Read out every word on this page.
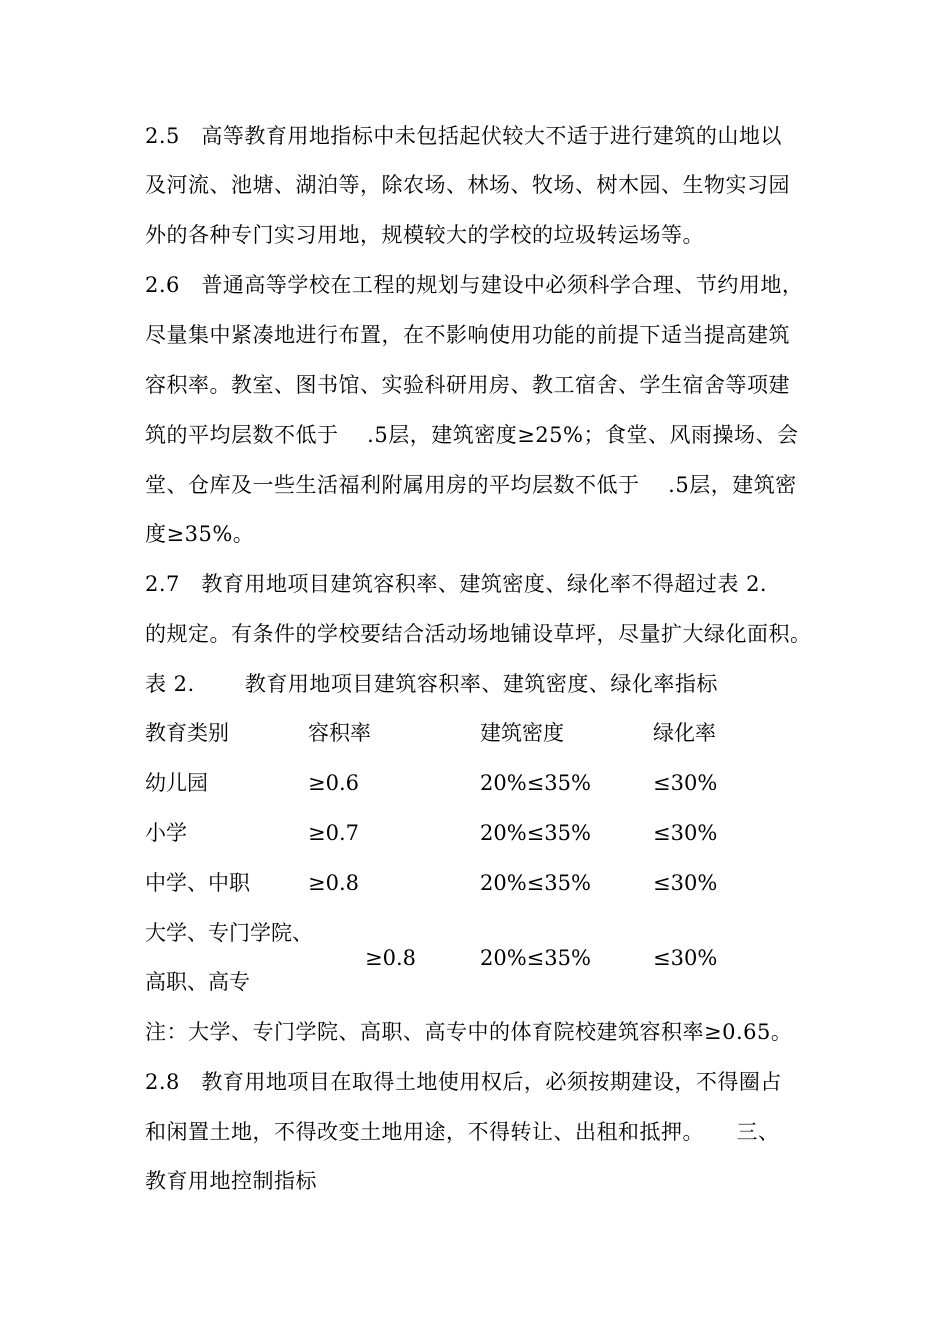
2.5　高等教育用地指标中未包括起伏较大不适于进行建筑的山地以
及河流、池塘、湖泊等，除农场、林场、牧场、树木园、生物实习园
外的各种专门实习用地，规模较大的学校的垃圾转运场等。
2.6　普通高等学校在工程的规划与建设中必须科学合理、节约用地，
尽量集中紧凑地进行布置，在不影响使用功能的前提下适当提高建筑
容积率。教室、图书馆、实验科研用房、教工宿舍、学生宿舍等项建
筑的平均层数不低于　 .5层，建筑密度≥25%；食堂、风雨操场、会
堂、仓库及一些生活福利附属用房的平均层数不低于　 .5层，建筑密
度≥35%。
2.7　教育用地项目建筑容积率、建筑密度、绿化率不得超过表 2.
的规定。有条件的学校要结合活动场地铺设草坪，尽量扩大绿化面积。
表 2.　　 教育用地项目建筑容积率、建筑密度、绿化率指标
教育类别	容积率	建筑密度	绿化率
幼儿园	≥0.6	20%≤35%	≤30%
小学	≥0.7	20%≤35%	≤30%
中学、中职	≥0.8	20%≤35%	≤30%
大学、专门学院、
高职、高专
≥0.8	20%≤35%	≤30%
注：大学、专门学院、高职、高专中的体育院校建筑容积率≥0.65。
2.8　教育用地项目在取得土地使用权后，必须按期建设，不得圈占
和闲置土地，不得改变土地用途，不得转让、出租和抵押。　　三、
教育用地控制指标
